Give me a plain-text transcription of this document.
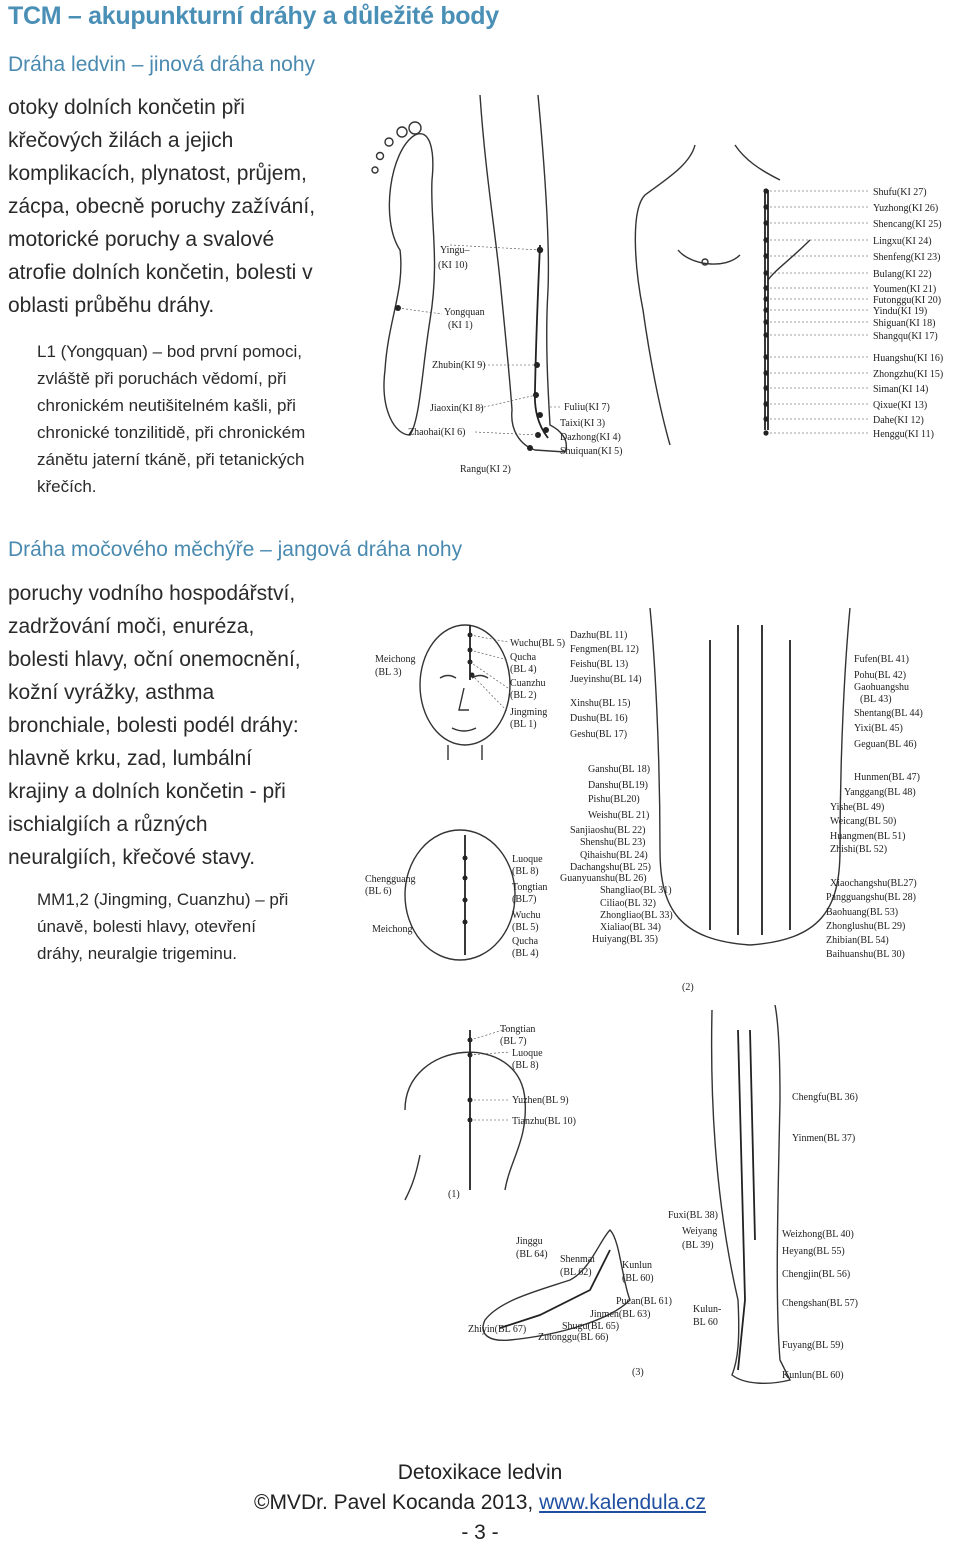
TCM – akupunkturní dráhy a důležité body
Dráha ledvin – jinová dráha nohy
otoky dolních končetin při
křečových žilách a jejich
komplikacích, plynatost, průjem,
zácpa, obecně poruchy zažívání,
motorické poruchy a svalové
atrofie dolních končetin, bolesti v
oblasti průběhu dráhy.
L1 (Yongquan) – bod první pomoci,
zvláště při poruchách vědomí, při
chronickém neutišitelném kašli, při
chronické tonzilitidě, při chronickém
zánětu jaterní tkáně, při tetanických
křečích.
Yingu–
(KI 10)
Yongquan
(KI 1)
Zhubin(KI 9)
Jiaoxin(KI 8)
Zhaohai(KI 6)
Fuliu(KI 7)
Taixi(KI 3)
Dazhong(KI 4)
Shuiquan(KI 5)
Rangu(KI 2)
Shufu(KI 27)
Yuzhong(KI 26)
Shencang(KI 25)
Lingxu(KI 24)
Shenfeng(KI 23)
Bulang(KI 22)
Youmen(KI 21)
Futonggu(KI 20)
Yindu(KI 19)
Shiguan(KI 18)
Shangqu(KI 17)
Huangshu(KI 16)
Zhongzhu(KI 15)
Siman(KI 14)
Qixue(KI 13)
Dahe(KI 12)
Henggu(KI 11)
Dráha močového měchýře – jangová dráha nohy
poruchy vodního hospodářství,
zadržování moči, enuréza,
bolesti hlavy, oční onemocnění,
kožní vyrážky, asthma
bronchiale, bolesti podél dráhy:
hlavně krku, zad, lumbální
krajiny a dolních končetin - při
ischialgiích a různých
neuralgiích, křečové stavy.
MM1,2 (Jingming, Cuanzhu) – při
únavě, bolesti hlavy, otevření
dráhy, neuralgie trigeminu.
Meichong
(BL 3)
Wuchu(BL 5)
Qucha
(BL 4)
Cuanzhu
(BL 2)
Jingming
(BL 1)
Chengguang
(BL 6)
Meichong
Luoque
(BL 8)
Tongtian
(BL7)
Wuchu
(BL 5)
Qucha
(BL 4)
Dazhu(BL 11)
Fengmen(BL 12)
Feishu(BL 13)
Jueyinshu(BL 14)
Xinshu(BL 15)
Dushu(BL 16)
Geshu(BL 17)
Ganshu(BL 18)
Danshu(BL19)
Pishu(BL20)
Weishu(BL 21)
Sanjiaoshu(BL 22)
Shenshu(BL 23)
Qihaishu(BL 24)
Dachangshu(BL 25)
Guanyuanshu(BL 26)
Shangliao(BL 31)
Ciliao(BL 32)
Zhongliao(BL 33)
Xialiao(BL 34)
Huiyang(BL 35)
Fufen(BL 41)
Pohu(BL 42)
Gaohuangshu
(BL 43)
Shentang(BL 44)
Yixi(BL 45)
Geguan(BL 46)
Hunmen(BL 47)
Yanggang(BL 48)
Yishe(BL 49)
Weicang(BL 50)
Huangmen(BL 51)
Zhishi(BL 52)
Xiaochangshu(BL27)
Pangguangshu(BL 28)
Baohuang(BL 53)
Zhonglushu(BL 29)
Zhibian(BL 54)
Baihuanshu(BL 30)
(2)
Tongtian
(BL 7)
Luoque
(BL 8)
Yuzhen(BL 9)
Tianzhu(BL 10)
(1)
Jinggu
(BL 64) Shenmai
(BL 62)
Kunlun
(BL 60)
Pucan(BL 61)
Jinmen(BL 63)
Shugu(BL 65)
Zhiyin(BL 67)
Zutonggu(BL 66)
Chengfu(BL 36)
Yinmen(BL 37)
Fuxi(BL 38)
Weiyang
(BL 39)
Weizhong(BL 40)
Heyang(BL 55)
Chengjin(BL 56)
Chengshan(BL 57)
Kulun-
BL 60
Fuyang(BL 59)
Kunlun(BL 60)
(3)
Detoxikace ledvin
©MVDr. Pavel Kocanda 2013, www.kalendula.cz
- 3 -
